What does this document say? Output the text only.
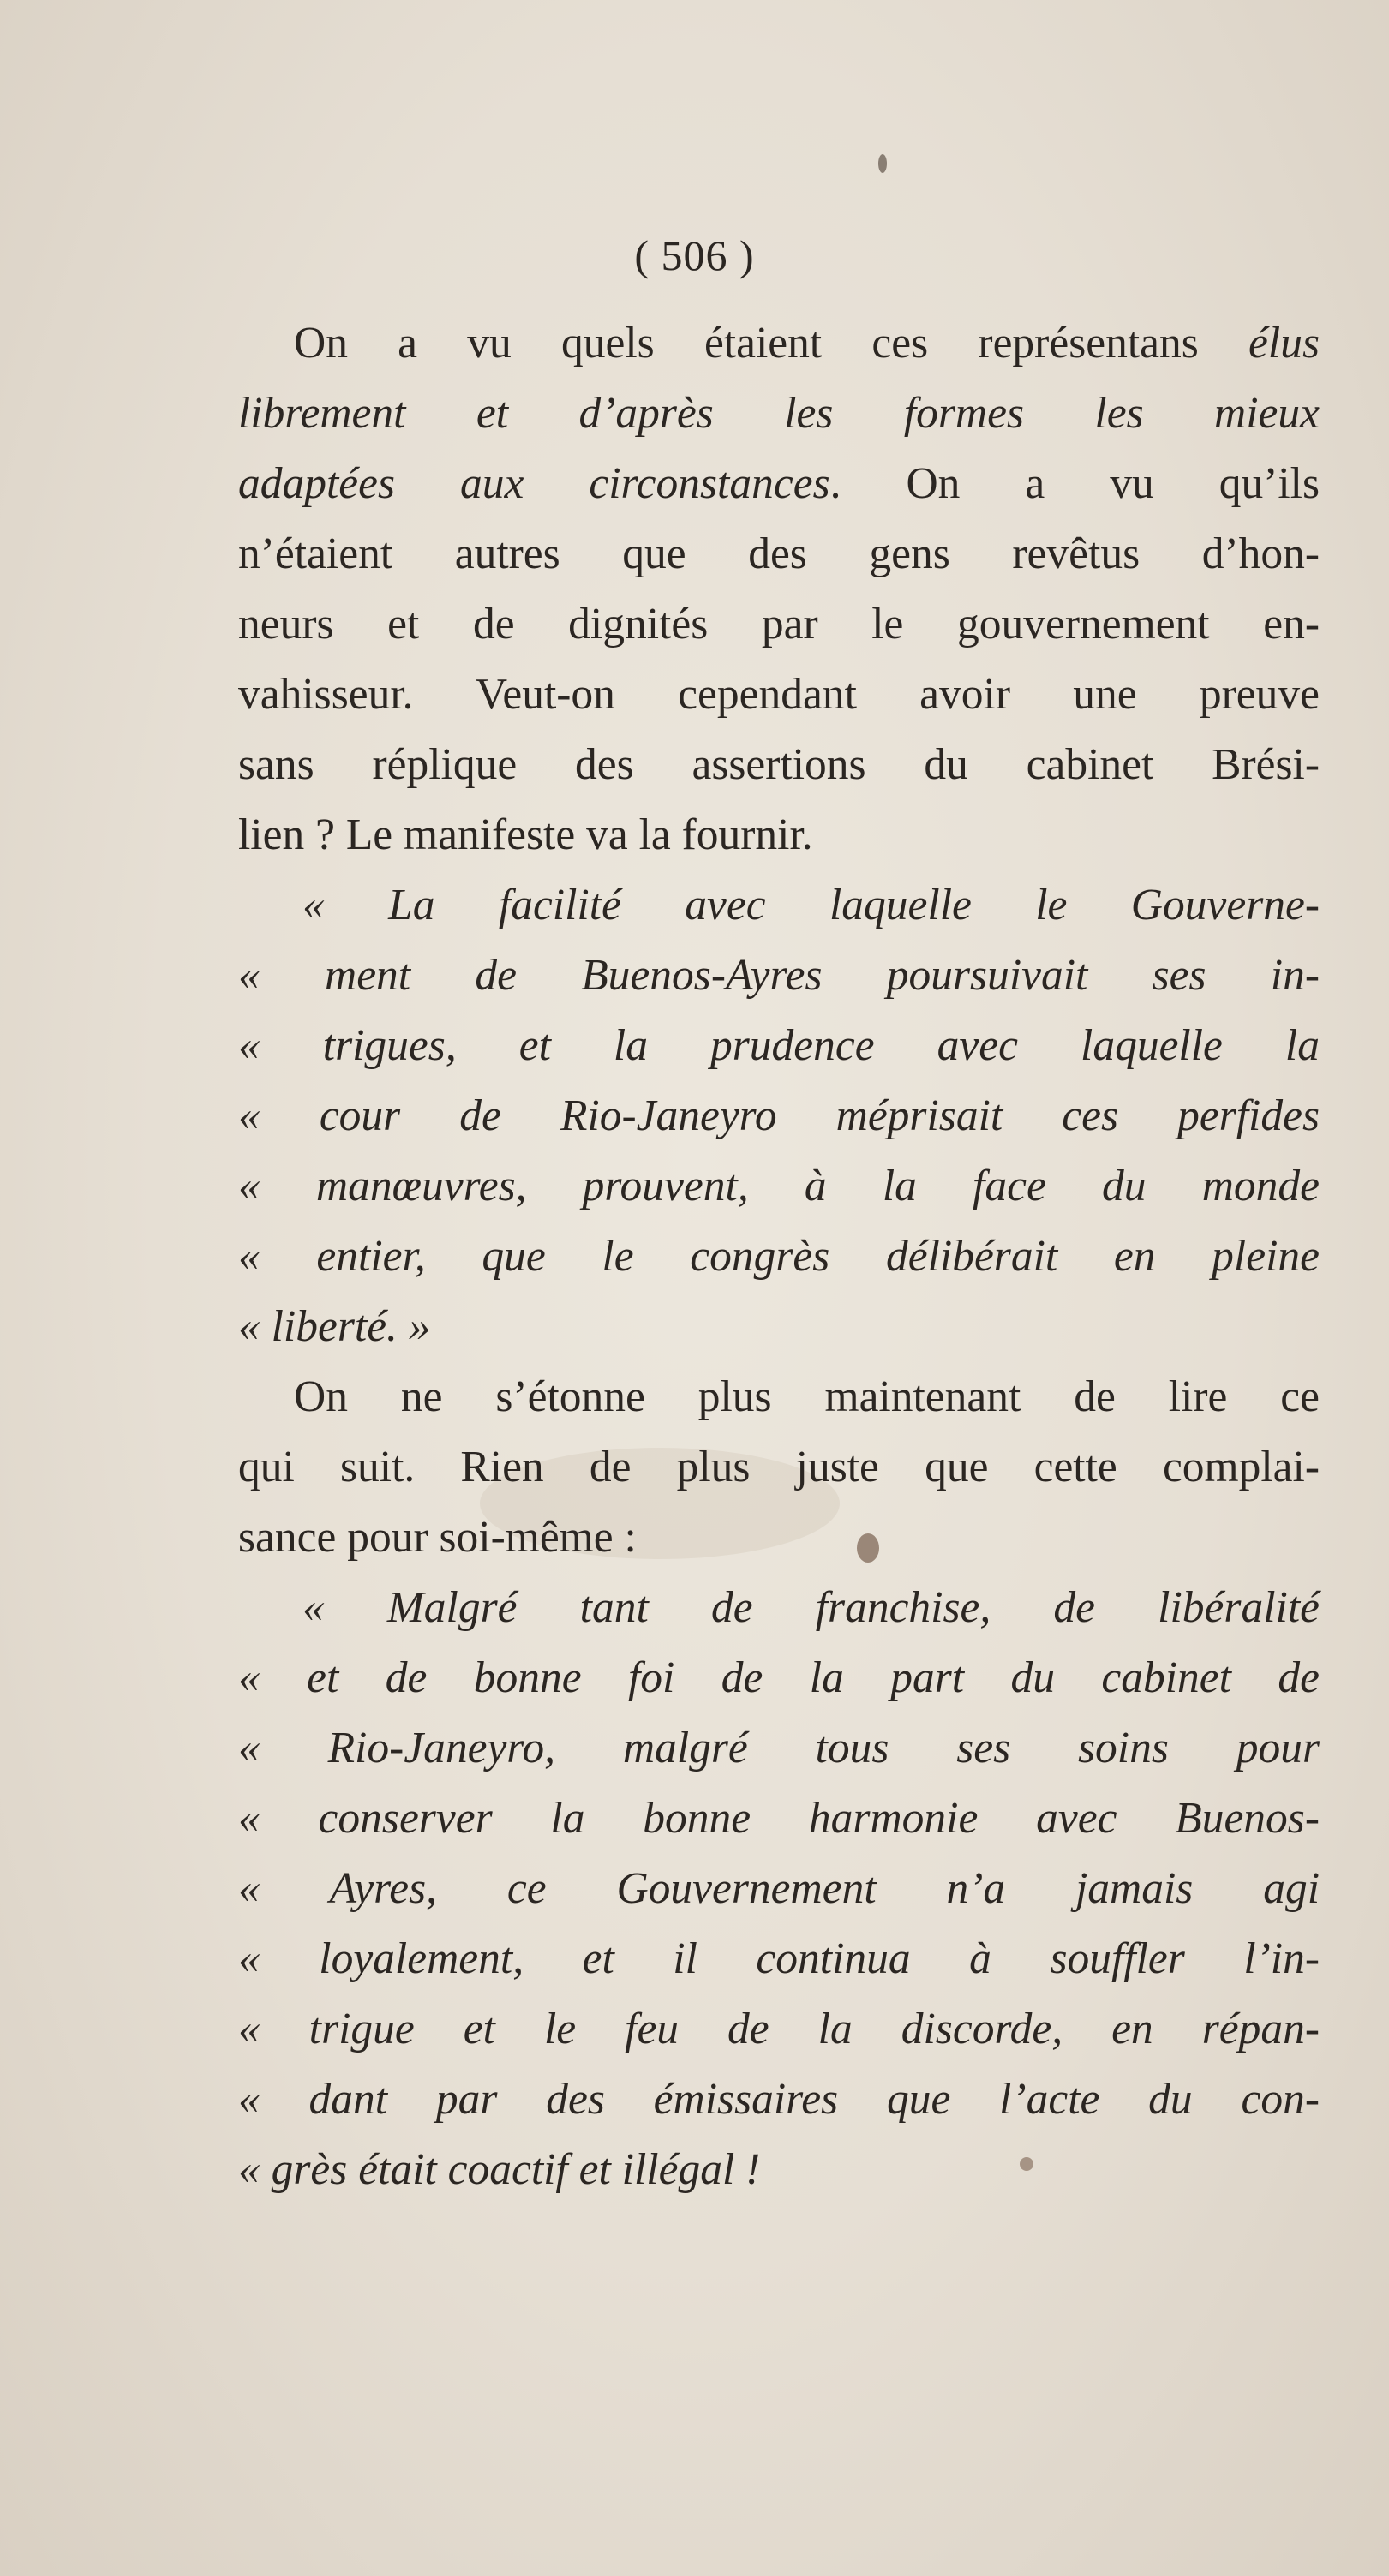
( 506 )
On a vu quels étaient ces représentans élus
librement et d’après les formes les mieux
adaptées aux circonstances. On a vu qu’ils
n’étaient autres que des gens revêtus d’hon-
neurs et de dignités par le gouvernement en-
vahisseur. Veut-on cependant avoir une preuve
sans réplique des assertions du cabinet Brési-
lien ? Le manifeste va la fournir.
« La facilité avec laquelle le Gouverne-
« ment de Buenos-Ayres poursuivait ses in-
« trigues, et la prudence avec laquelle la
« cour de Rio-Janeyro méprisait ces perfides
« manœuvres, prouvent, à la face du monde
« entier, que le congrès délibérait en pleine
« liberté. »
On ne s’étonne plus maintenant de lire ce
qui suit. Rien de plus juste que cette complai-
sance pour soi-même :
« Malgré tant de franchise, de libéralité
« et de bonne foi de la part du cabinet de
« Rio-Janeyro, malgré tous ses soins pour
« conserver la bonne harmonie avec Buenos-
« Ayres, ce Gouvernement n’a jamais agi
« loyalement, et il continua à souffler l’in-
« trigue et le feu de la discorde, en répan-
« dant par des émissaires que l’acte du con-
« grès était coactif et illégal !
